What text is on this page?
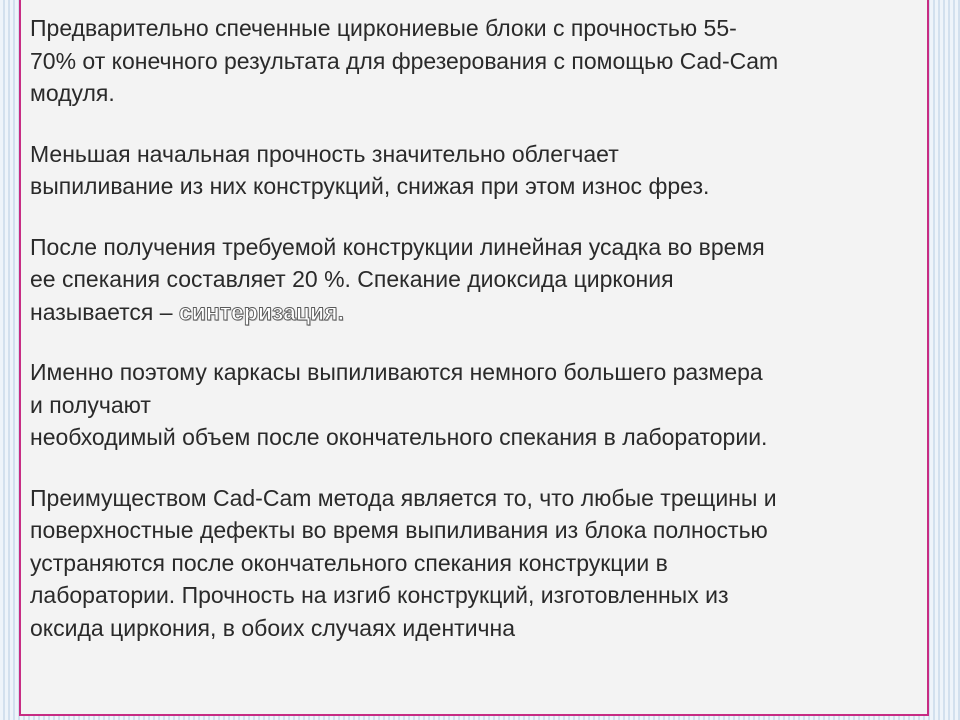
Предварительно спеченные циркониевые блоки с прочностью 55-
70% от конечного результата для фрезерования с помощью Cad-Cam
модуля.

Меньшая начальная прочность значительно облегчает
выпиливание из них конструкций, снижая при этом износ фрез.

После получения требуемой конструкции линейная усадка во время
ее спекания составляет 20 %. Спекание диоксида циркония
называется – синтеризация.

Именно поэтому каркасы выпиливаются немного большего размера
и получают
необходимый объем после окончательного спекания в лаборатории.

Преимуществом Cad-Cam метода является то, что любые трещины и
поверхностные дефекты во время выпиливания из блока полностью
устраняются после окончательного спекания конструкции в
лаборатории. Прочность на изгиб конструкций, изготовленных из
оксида циркония, в обоих случаях идентична
